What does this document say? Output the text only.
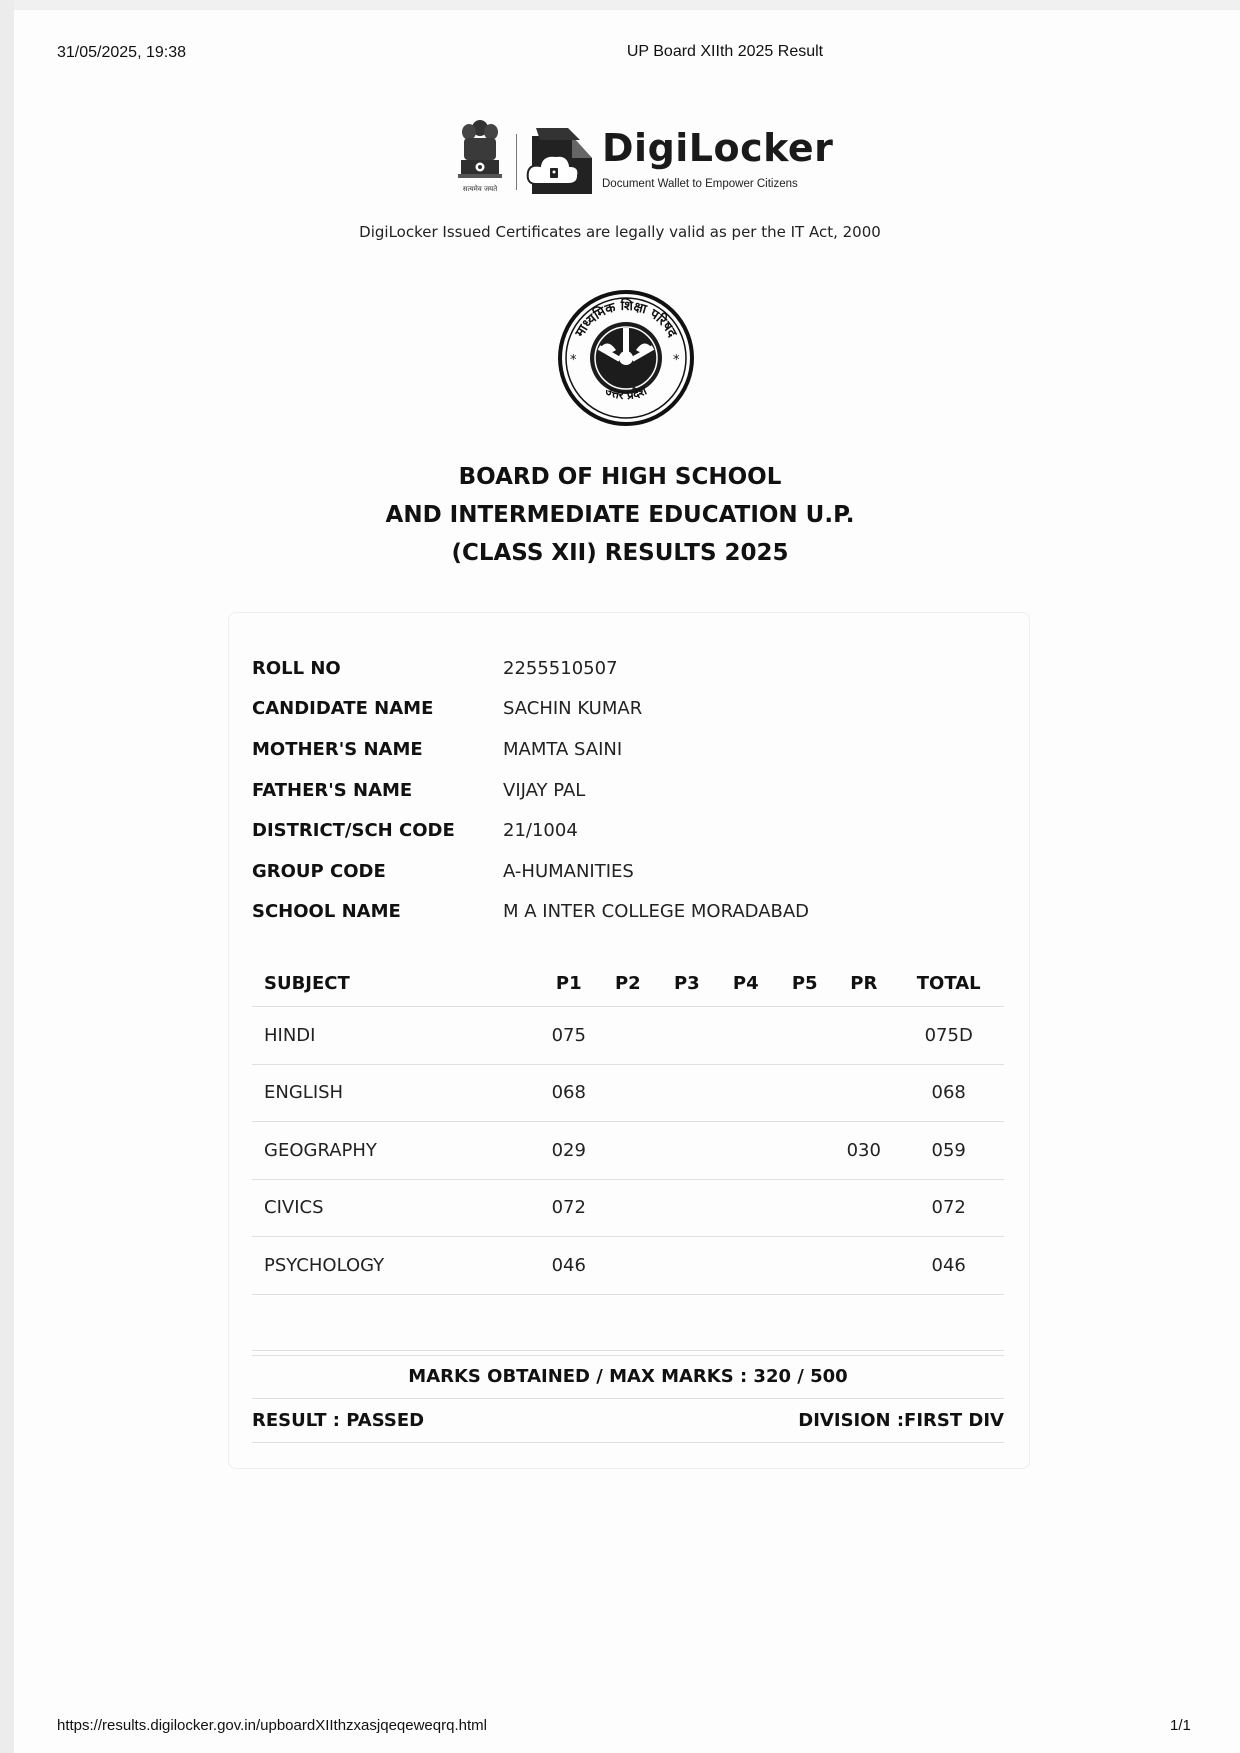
31/05/2025, 19:38	UP Board XIIth 2025 Result
सत्यमेव जयते
DigiLocker
Document Wallet to Empower Citizens
DigiLocker Issued Certificates are legally valid as per the IT Act, 2000
*	*
माध्यमिक शिक्षा परिषद
उत्तर प्रदेश
BOARD OF HIGH SCHOOL
AND INTERMEDIATE EDUCATION U.P.
(CLASS XII) RESULTS 2025
ROLL NO	2255510507
CANDIDATE NAME	SACHIN KUMAR
MOTHER'S NAME	MAMTA SAINI
FATHER'S NAME	VIJAY PAL
DISTRICT/SCH CODE	21/1004
GROUP CODE	A-HUMANITIES
SCHOOL NAME	M A INTER COLLEGE MORADABAD
SUBJECT	P1	P2	P3	P4	P5	PR	TOTAL
HINDI	075						075D
ENGLISH	068						068
GEOGRAPHY	029					030	059
CIVICS	072						072
PSYCHOLOGY	046						046

MARKS OBTAINED / MAX MARKS : 320 / 500
RESULT : PASSED	DIVISION :FIRST DIV
https://results.digilocker.gov.in/upboardXIIthzxasjqeqeweqrq.html	1/1
